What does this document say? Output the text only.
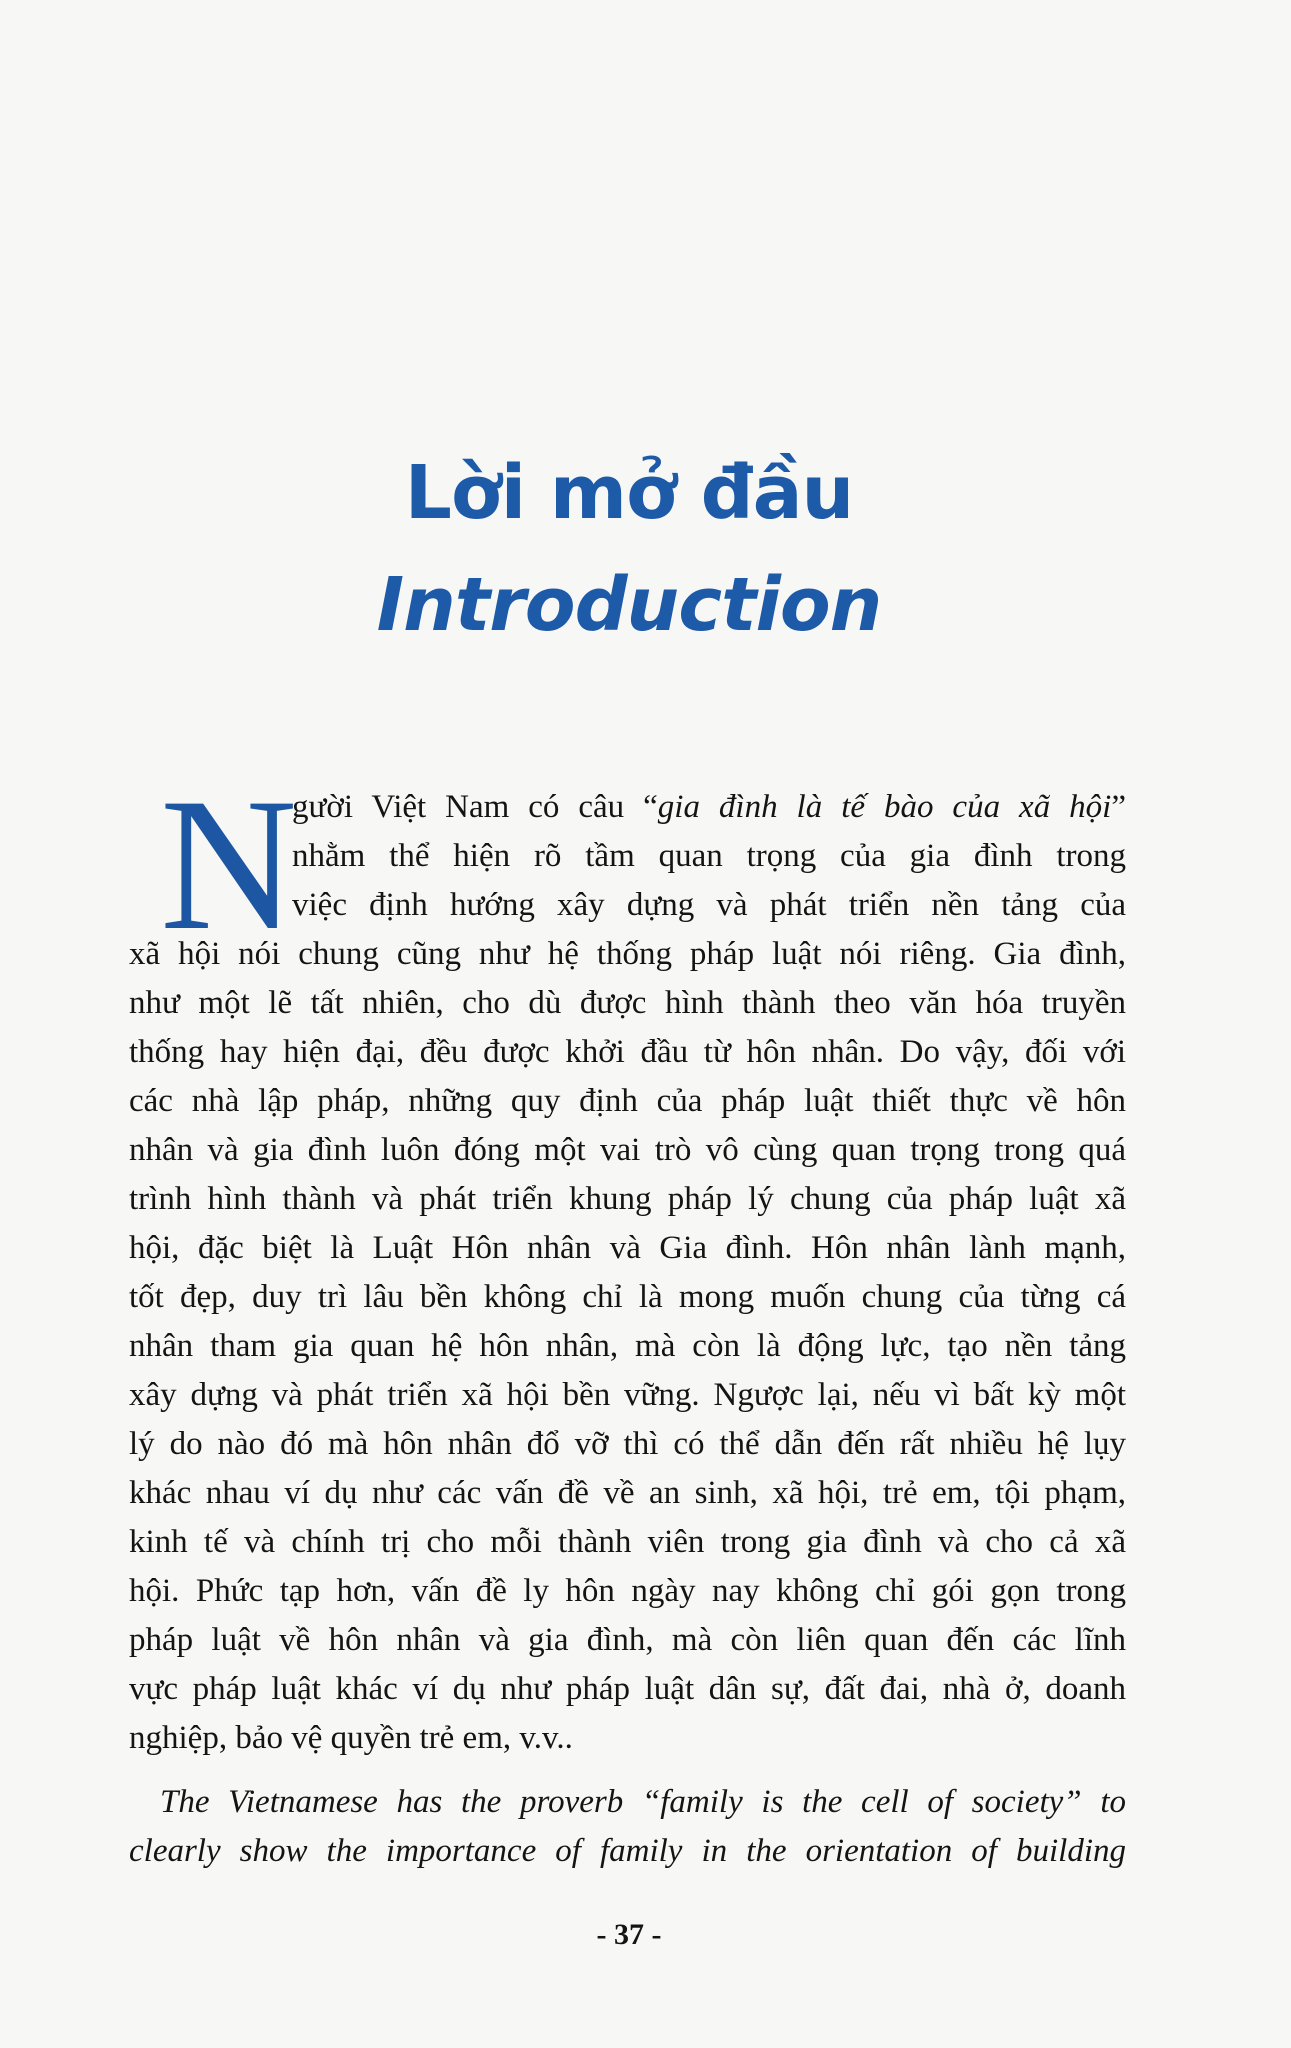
Lời mở đầu
Introduction
N
gười Việt Nam có câu “gia đình là tế bào của xã hội”
nhằm thể hiện rõ tầm quan trọng của gia đình trong
việc định hướng xây dựng và phát triển nền tảng của
xã hội nói chung cũng như hệ thống pháp luật nói riêng. Gia đình,
như một lẽ tất nhiên, cho dù được hình thành theo văn hóa truyền
thống hay hiện đại, đều được khởi đầu từ hôn nhân. Do vậy, đối với
các nhà lập pháp, những quy định của pháp luật thiết thực về hôn
nhân và gia đình luôn đóng một vai trò vô cùng quan trọng trong quá
trình hình thành và phát triển khung pháp lý chung của pháp luật xã
hội, đặc biệt là Luật Hôn nhân và Gia đình. Hôn nhân lành mạnh,
tốt đẹp, duy trì lâu bền không chỉ là mong muốn chung của từng cá
nhân tham gia quan hệ hôn nhân, mà còn là động lực, tạo nền tảng
xây dựng và phát triển xã hội bền vững. Ngược lại, nếu vì bất kỳ một
lý do nào đó mà hôn nhân đổ vỡ thì có thể dẫn đến rất nhiều hệ lụy
khác nhau ví dụ như các vấn đề về an sinh, xã hội, trẻ em, tội phạm,
kinh tế và chính trị cho mỗi thành viên trong gia đình và cho cả xã
hội. Phức tạp hơn, vấn đề ly hôn ngày nay không chỉ gói gọn trong
pháp luật về hôn nhân và gia đình, mà còn liên quan đến các lĩnh
vực pháp luật khác ví dụ như pháp luật dân sự, đất đai, nhà ở, doanh
nghiệp, bảo vệ quyền trẻ em, v.v..
The Vietnamese has the proverb “family is the cell of society” to
clearly show the importance of family in the orientation of building
- 37 -
